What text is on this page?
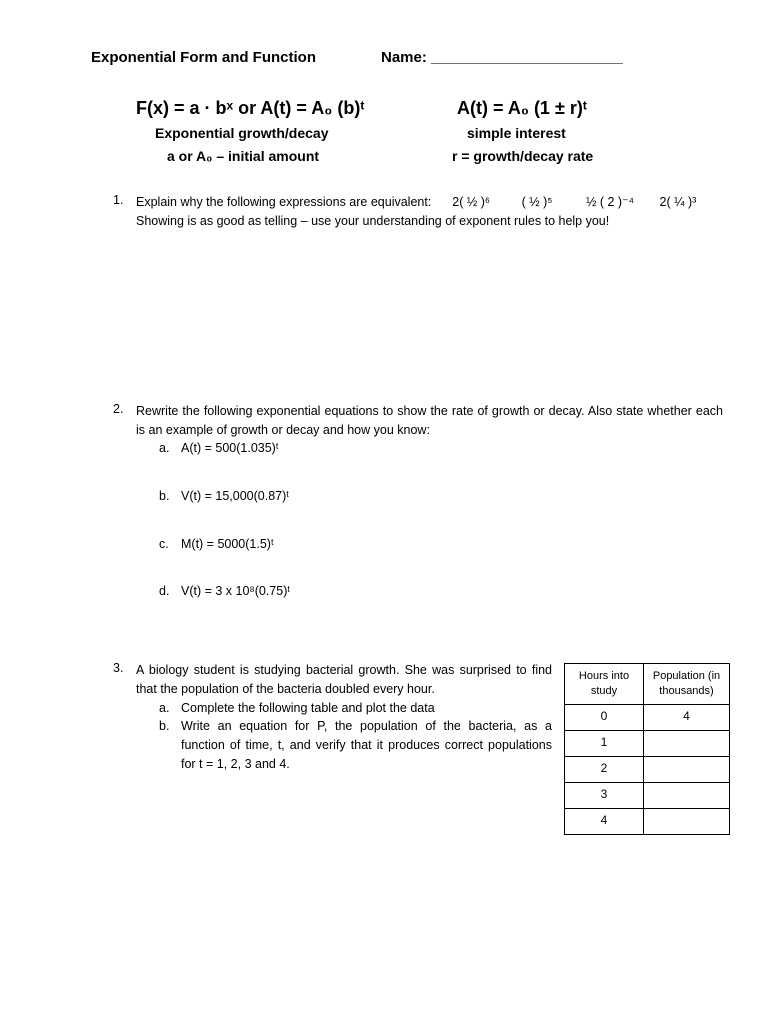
Exponential Form and Function	Name: _______________________
F(x) = a · bˣ or A(t) = A₀ (b)ᵗ
Exponential growth/decay
a or A₀ – initial amount
A(t) = A₀ (1 ± r)ᵗ
simple interest
r = growth/decay rate
1. Explain why the following expressions are equivalent: 2( ½ )⁶	( ½ )⁵	½ ( 2 )⁻⁴ 2( ¼ )³
Showing is as good as telling – use your understanding of exponent rules to help you!
2. Rewrite the following exponential equations to show the rate of growth or decay. Also state whether each is an example of growth or decay and how you know:
a. A(t) = 500(1.035)ᵗ
b. V(t) = 15,000(0.87)ᵗ
c. M(t) = 5000(1.5)ᵗ
d. V(t) = 3 x 10⁸(0.75)ᵗ
3. A biology student is studying bacterial growth. She was surprised to find that the population of the bacteria doubled every hour.
a. Complete the following table and plot the data
b. Write an equation for P, the population of the bacteria, as a function of time, t, and verify that it produces correct populations for t = 1, 2, 3 and 4.
Hours into study	Population (in thousands)

0	4
1	
2	
3	
4	
